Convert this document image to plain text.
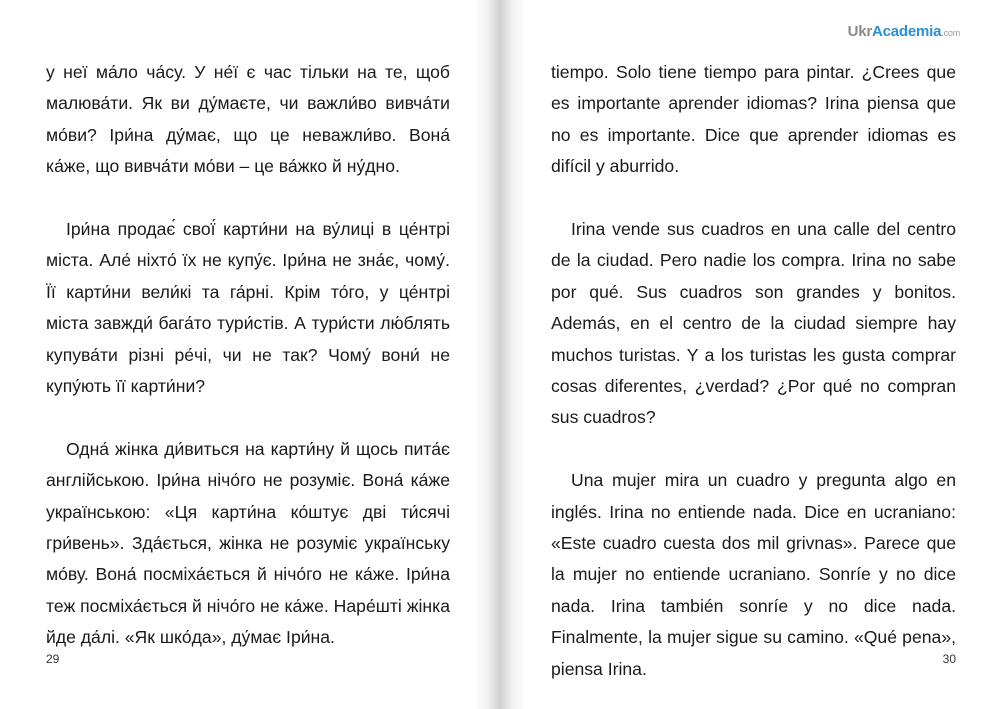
у неї ма́ло ча́су. У не́ї є час тільки на те, щоб малюва́ти. Як ви ду́маєте, чи важли́во вивча́ти мо́ви? Іри́на ду́має, що це неважли́во. Вона́ ка́же, що вивча́ти мо́ви – це ва́жко й ну́дно.

Іри́на продає́ свої́ карти́ни на ву́лиці в це́нтрі міста. Але́ ніхто́ їх не купу́є. Іри́на не зна́є, чому́. Її карти́ни вели́кі та га́рні. Крім то́го, у це́нтрі міста завжди́ бага́то тури́стів. А тури́сти лю́блять купува́ти різні ре́чі, чи не так? Чому́ вони́ не купу́ють її карти́ни?

Одна́ жінка ди́виться на карти́ну й щось пита́є англійською. Іри́на нічо́го не розуміє. Вона́ ка́же українською: «Ця карти́на ко́штує дві ти́сячі гри́вень». Зда́ється, жінка не розуміє українську мо́ву. Вона́ посміха́ється й нічо́го не ка́же. Іри́на теж посміха́ється й нічо́го не ка́же. Наре́шті жінка йде да́лі. «Як шко́да», ду́має Іри́на.

29
UkrAcademia.com

tiempo. Solo tiene tiempo para pintar. ¿Crees que es importante aprender idiomas? Irina piensa que no es importante. Dice que aprender idiomas es difícil y aburrido.

Irina vende sus cuadros en una calle del centro de la ciudad. Pero nadie los compra. Irina no sabe por qué. Sus cuadros son grandes y bonitos. Además, en el centro de la ciudad siempre hay muchos turistas. Y a los turistas les gusta comprar cosas diferentes, ¿verdad? ¿Por qué no compran sus cuadros?

Una mujer mira un cuadro y pregunta algo en inglés. Irina no entiende nada. Dice en ucraniano: «Este cuadro cuesta dos mil grivnas». Parece que la mujer no entiende ucraniano. Sonríe y no dice nada. Irina también sonríe y no dice nada. Finalmente, la mujer sigue su camino. «Qué pena», piensa Irina.	30
